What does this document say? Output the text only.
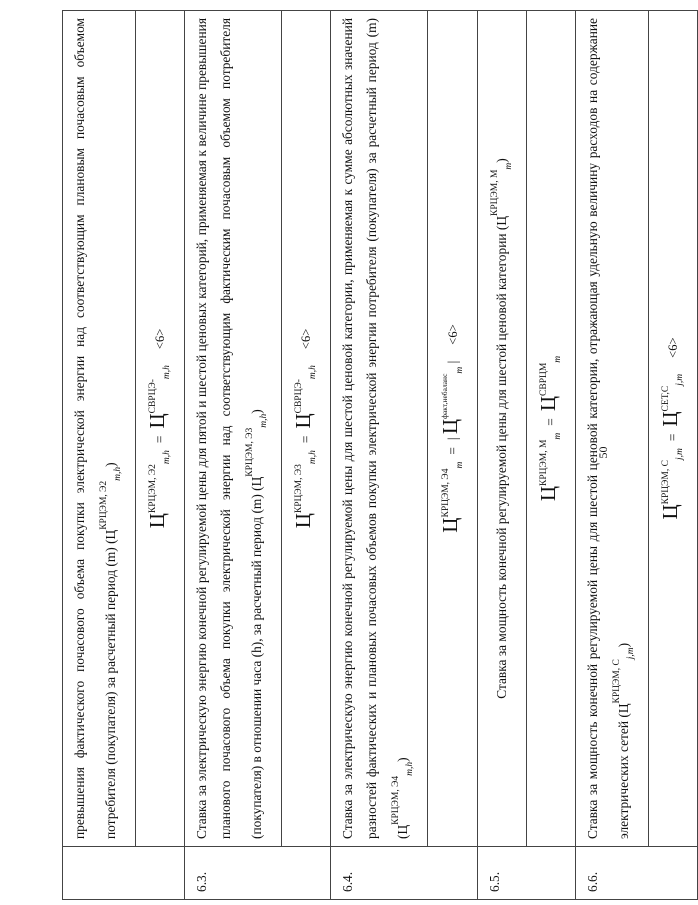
50
	превышения фактического почасового объема покупки электрической энергии над соответствующим плановым почасовым объемом потребителя (покупателя) за расчетный период (m) $(Ц^{КРЦЭМ, Э2}_{m,h})$
	$Ц^{КРЦЭМ, Э2}_{m,h}=Ц^{СВРЦЭ-}_{m,h}<6>$
6.3.	Ставка за электрическую энергию конечной регулируемой цены для пятой и шестой ценовых категорий, применяемая к величине превышения планового почасового объема покупки электрической энергии над соответствующим фактическим почасовым объемом потребителя (покупателя) в отношении часа (h), за расчетный период (m) $(Ц^{КРЦЭМ, Э3}_{m,h})$
	$Ц^{КРЦЭМ, Э3}_{m,h}=Ц^{СВРЦЭ-}_{m,h}<6>$
6.4.	Ставка за электрическую энергию конечной регулируемой цены для шестой ценовой категории, применяемая к сумме абсолютных значений разностей фактических и плановых почасовых объемов покупки электрической энергии потребителя (покупателя) за расчетный период (m) $(Ц^{КРЦЭМ, Э4}_{m,h})$
	$Ц^{КРЦЭМ, Э4}_m=|$ $Ц^{факт,небаланс}_m$ |<6>
6.5.	Ставка за мощность конечной регулируемой цены для шестой ценовой категории $(Ц^{КРЦЭМ, М}_m)$
	$Ц^{КРЦЭМ, М}_m=Ц^{СВРЦМ}_m$
6.6.	Ставка за мощность конечной регулируемой цены для шестой ценовой категории, отражающая удельную величину расходов на содержание электрических сетей $(Ц^{КРЦЭМ, С}_{j,m})$
	$Ц^{КРЦЭМ, С}_{j,m}=Ц^{СЕТ,С}_{j,m}<6>$
